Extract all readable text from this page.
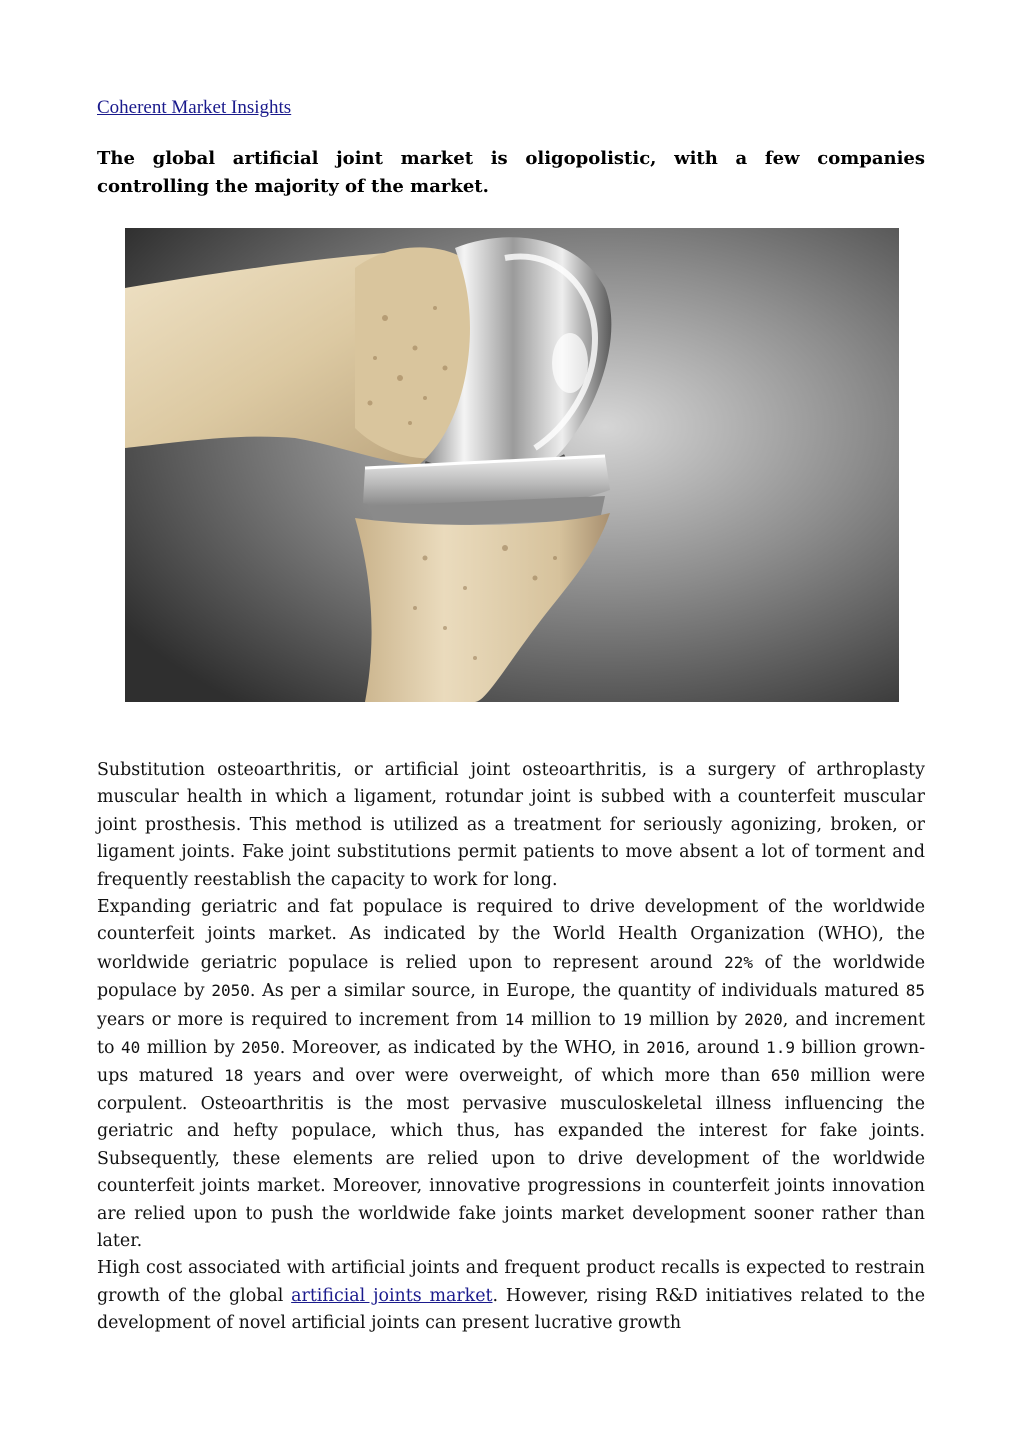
Coherent Market Insights

The global artificial joint market is oligopolistic, with a few companies controlling the majority of the market.

Substitution osteoarthritis, or artificial joint osteoarthritis, is a surgery of arthroplasty muscular health in which a ligament, rotundar joint is subbed with a counterfeit muscular joint prosthesis. This method is utilized as a treatment for seriously agonizing, broken, or ligament joints. Fake joint substitutions permit patients to move absent a lot of torment and frequently reestablish the capacity to work for long.

Expanding geriatric and fat populace is required to drive development of the worldwide counterfeit joints market. As indicated by the World Health Organization (WHO), the worldwide geriatric populace is relied upon to represent around 22% of the worldwide populace by 2050. As per a similar source, in Europe, the quantity of individuals matured 85 years or more is required to increment from 14 million to 19 million by 2020, and increment to 40 million by 2050. Moreover, as indicated by the WHO, in 2016, around 1.9 billion grown-ups matured 18 years and over were overweight, of which more than 650 million were corpulent. Osteoarthritis is the most pervasive musculoskeletal illness influencing the geriatric and hefty populace, which thus, has expanded the interest for fake joints. Subsequently, these elements are relied upon to drive development of the worldwide counterfeit joints market. Moreover, innovative progressions in counterfeit joints innovation are relied upon to push the worldwide fake joints market development sooner rather than later.

High cost associated with artificial joints and frequent product recalls is expected to restrain growth of the global artificial joints market. However, rising R&D initiatives related to the development of novel artificial joints can present lucrative growth
